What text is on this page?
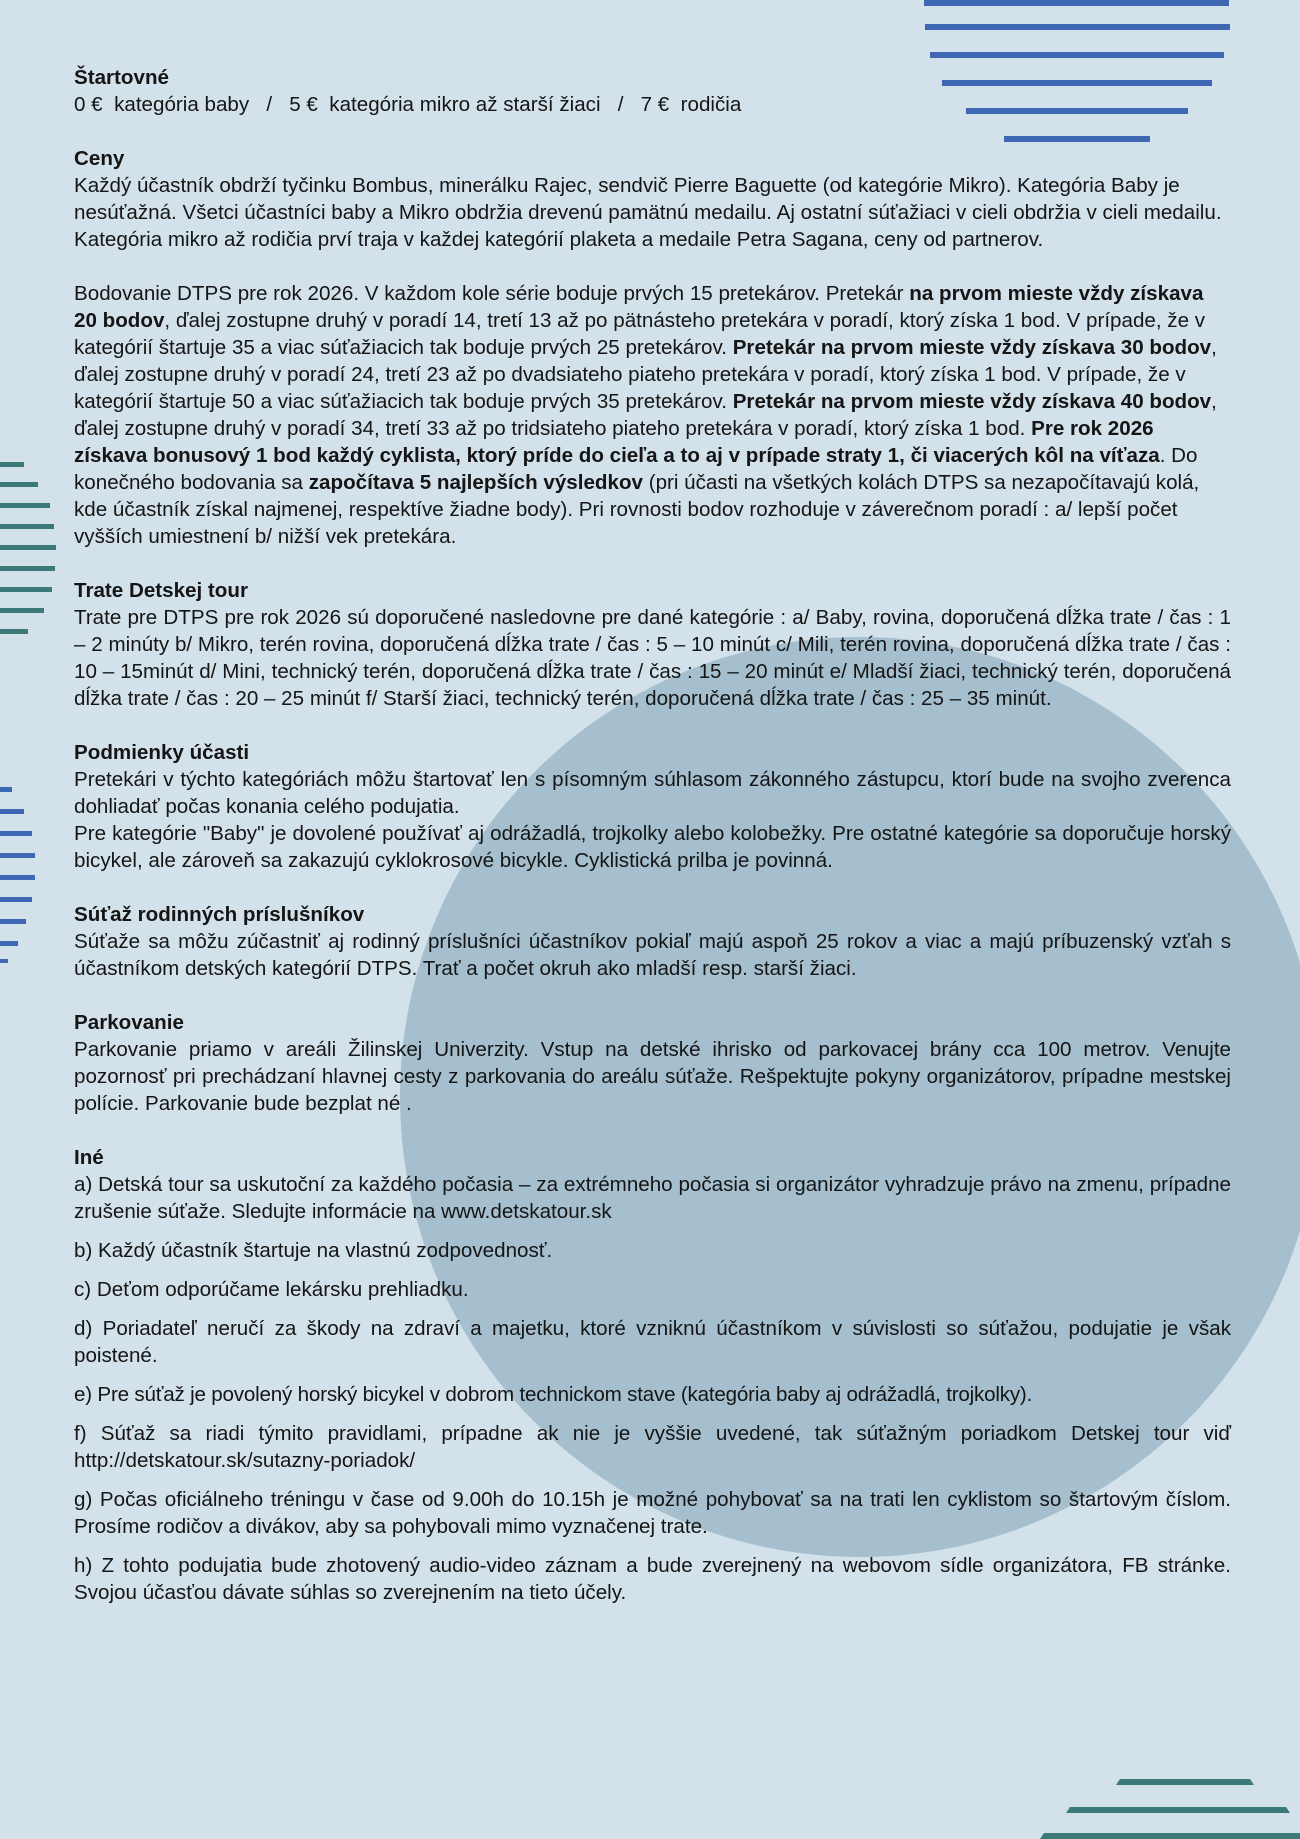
Štartovné
0 €  kategória baby   /   5 €  kategória mikro až starší žiaci   /   7 €  rodičia
Ceny
Každý účastník obdrží tyčinku Bombus, minerálku Rajec, sendvič Pierre Baguette (od kategórie Mikro). Kategória Baby je nesúťažná. Všetci účastníci baby a Mikro obdržia drevenú pamätnú medailu. Aj ostatní súťažiaci v cieli obdržia v cieli medailu. Kategória mikro až rodičia prví traja v každej kategórií plaketa a medaile Petra Sagana, ceny od partnerov.
Bodovanie DTPS pre rok 2026. V každom kole série boduje prvých 15 pretekárov. Pretekár na prvom mieste vždy získava 20 bodov, ďalej zostupne druhý v poradí 14, tretí 13 až po pätnásteho pretekára v poradí, ktorý získa 1 bod. V prípade, že v kategórií štartuje 35 a viac súťažiacich tak boduje prvých 25 pretekárov. Pretekár na prvom mieste vždy získava 30 bodov, ďalej zostupne druhý v poradí 24, tretí 23 až po dvadsiateho piateho pretekára v poradí, ktorý získa 1 bod. V prípade, že v kategórií štartuje 50 a viac súťažiacich tak boduje prvých 35 pretekárov. Pretekár na prvom mieste vždy získava 40 bodov, ďalej zostupne druhý v poradí 34, tretí 33 až po tridsiateho piateho pretekára v poradí, ktorý získa 1 bod. Pre rok 2026 získava bonusový 1 bod každý cyklista, ktorý príde do cieľa a to aj v prípade straty 1, či viacerých kôl na víťaza. Do konečného bodovania sa započítava 5 najlepších výsledkov (pri účasti na všetkých kolách DTPS sa nezapočítavajú kolá, kde účastník získal najmenej, respektíve žiadne body). Pri rovnosti bodov rozhoduje v záverečnom poradí : a/ lepší počet vyšších umiestnení b/ nižší vek pretekára.
Trate Detskej tour
Trate pre DTPS pre rok 2026 sú doporučené nasledovne pre dané kategórie : a/ Baby, rovina, doporučená dĺžka trate / čas : 1 – 2 minúty b/ Mikro, terén rovina, doporučená dĺžka trate / čas : 5 – 10 minút c/ Mili, terén rovina, doporučená dĺžka trate / čas : 10 – 15minút d/ Mini, technický terén, doporučená dĺžka trate / čas : 15 – 20 minút e/ Mladší žiaci, technický terén, doporučená dĺžka trate / čas : 20 – 25 minút f/ Starší žiaci, technický terén, doporučená dĺžka trate / čas : 25 – 35 minút.
Podmienky účasti
Pretekári v týchto kategóriách môžu štartovať len s písomným súhlasom zákonného zástupcu, ktorí bude na svojho zverenca dohliadať počas konania celého podujatia.
Pre kategórie "Baby" je dovolené používať aj odrážadlá, trojkolky alebo kolobežky. Pre ostatné kategórie sa doporučuje horský bicykel, ale zároveň sa zakazujú cyklokrosové bicykle. Cyklistická prilba je povinná.
Súťaž rodinných príslušníkov
Súťaže sa môžu zúčastniť aj rodinný príslušníci účastníkov pokiaľ majú aspoň 25 rokov a viac a majú príbuzenský vzťah s účastníkom detských kategórií DTPS. Trať a počet okruh ako mladší resp. starší žiaci.
Parkovanie
Parkovanie priamo v areáli Žilinskej Univerzity. Vstup na detské ihrisko od parkovacej brány cca 100 metrov. Venujte pozornosť pri prechádzaní hlavnej cesty z parkovania do areálu súťaže. Rešpektujte pokyny organizátorov, prípadne mestskej polície. Parkovanie bude bezplat né .
Iné
a) Detská tour sa uskutoční za každého počasia – za extrémneho počasia si organizátor vyhradzuje právo na zmenu, prípadne zrušenie súťaže. Sledujte informácie na www.detskatour.sk
b) Každý účastník štartuje na vlastnú zodpovednosť.
c) Deťom odporúčame lekársku prehliadku.
d) Poriadateľ neručí za škody na zdraví a majetku, ktoré vzniknú účastníkom v súvislosti so súťažou, podujatie je však poistené.
e) Pre súťaž je povolený horský bicykel v dobrom technickom stave (kategória baby aj odrážadlá, trojkolky).
f) Súťaž sa riadi týmito pravidlami, prípadne ak nie je vyššie uvedené, tak súťažným poriadkom Detskej tour viď http://detskatour.sk/sutazny-poriadok/
g) Počas oficiálneho tréningu v čase od 9.00h do 10.15h je možné pohybovať sa na trati len cyklistom so štartovým číslom. Prosíme rodičov a divákov, aby sa pohybovali mimo vyznačenej trate.
h) Z tohto podujatia bude zhotovený audio-video záznam a bude zverejnený na webovom sídle organizátora, FB stránke. Svojou účasťou dávate súhlas so zverejnením na tieto účely.
